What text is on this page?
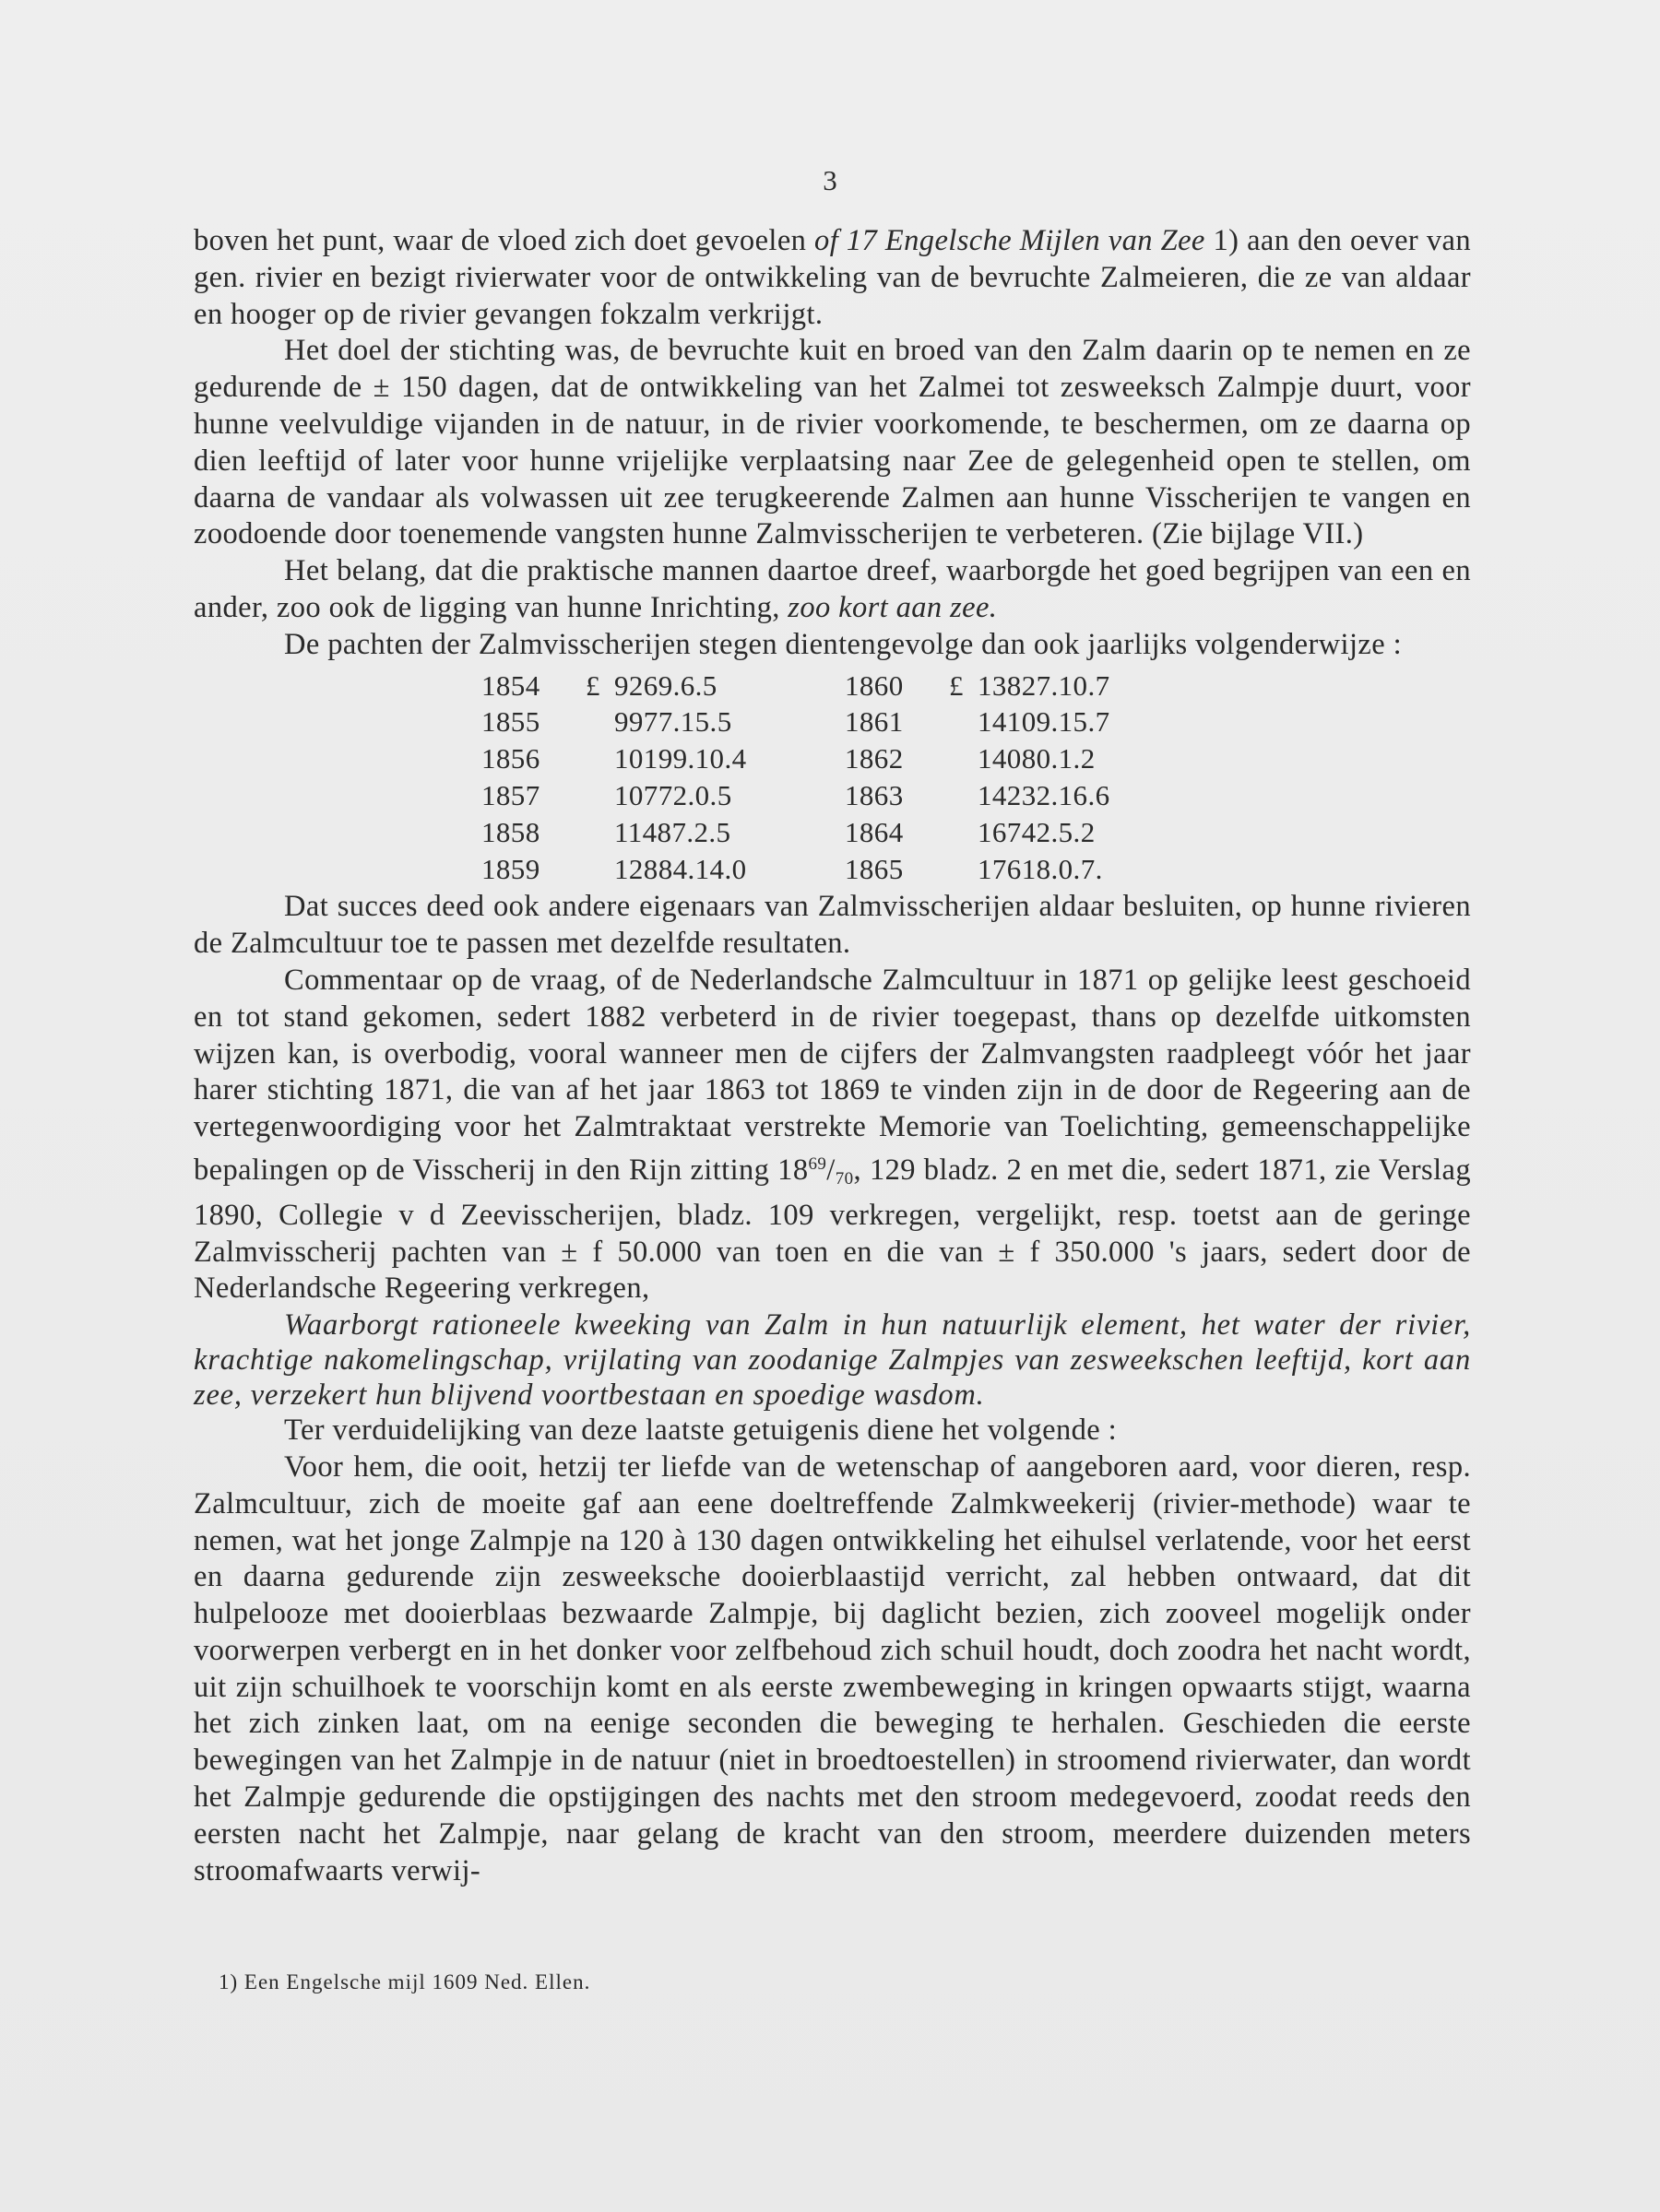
3

boven het punt, waar de vloed zich doet gevoelen of 17 Engelsche Mijlen van Zee 1) aan den oever van gen. rivier en bezigt rivierwater voor de ontwikkeling van de bevruchte Zalmeieren, die ze van aldaar en hooger op de rivier gevangen fokzalm verkrijgt.

Het doel der stichting was, de bevruchte kuit en broed van den Zalm daarin op te nemen en ze gedurende de ± 150 dagen, dat de ontwikkeling van het Zalmei tot zesweeksch Zalmpje duurt, voor hunne veelvuldige vijanden in de natuur, in de rivier voorkomende, te beschermen, om ze daarna op dien leeftijd of later voor hunne vrijelijke verplaatsing naar Zee de gelegenheid open te stellen, om daarna de vandaar als volwassen uit zee terugkeerende Zalmen aan hunne Visscherijen te vangen en zoodoende door toenemende vangsten hunne Zalmvisscherijen te verbeteren. (Zie bijlage VII.)

Het belang, dat die praktische mannen daartoe dreef, waarborgde het goed begrijpen van een en ander, zoo ook de ligging van hunne Inrichting, zoo kort aan zee.

De pachten der Zalmvisscherijen stegen dientengevolge dan ook jaarlijks volgenderwijze :

1854	£	9269.6.5	1860	£	13827.10.7
1855		9977.15.5	1861		14109.15.7
1856		10199.10.4	1862		14080.1.2
1857		10772.0.5	1863		14232.16.6
1858		11487.2.5	1864		16742.5.2
1859		12884.14.0	1865		17618.0.7.

Dat succes deed ook andere eigenaars van Zalmvisscherijen aldaar besluiten, op hunne rivieren de Zalmcultuur toe te passen met dezelfde resultaten.

Commentaar op de vraag, of de Nederlandsche Zalmcultuur in 1871 op gelijke leest geschoeid en tot stand gekomen, sedert 1882 verbeterd in de rivier toegepast, thans op dezelfde uitkomsten wijzen kan, is overbodig, vooral wanneer men de cijfers der Zalmvangsten raadpleegt vóór het jaar harer stichting 1871, die van af het jaar 1863 tot 1869 te vinden zijn in de door de Regeering aan de vertegenwoordiging voor het Zalmtraktaat verstrekte Memorie van Toelichting, gemeenschappelijke bepalingen op de Visscherij in den Rijn zitting $18^{69}/_{70}$, 129 bladz. 2 en met die, sedert 1871, zie Verslag 1890, Collegie v d Zeevisscherijen, bladz. 109 verkregen, vergelijkt, resp. toetst aan de geringe Zalmvisscherij pachten van ± f 50.000 van toen en die van ± f 350.000 's jaars, sedert door de Nederlandsche Regeering verkregen,

Waarborgt rationeele kweeking van Zalm in hun natuurlijk element, het water der rivier, krachtige nakomelingschap, vrijlating van zoodanige Zalmpjes van zesweekschen leeftijd, kort aan zee, verzekert hun blijvend voortbestaan en spoedige wasdom.

Ter verduidelijking van deze laatste getuigenis diene het volgende :

Voor hem, die ooit, hetzij ter liefde van de wetenschap of aangeboren aard, voor dieren, resp. Zalmcultuur, zich de moeite gaf aan eene doeltreffende Zalmkweekerij (rivier-methode) waar te nemen, wat het jonge Zalmpje na 120 à 130 dagen ontwikkeling het eihulsel verlatende, voor het eerst en daarna gedurende zijn zesweeksche dooierblaastijd verricht, zal hebben ontwaard, dat dit hulpelooze met dooierblaas bezwaarde Zalmpje, bij daglicht bezien, zich zooveel mogelijk onder voorwerpen verbergt en in het donker voor zelfbehoud zich schuil houdt, doch zoodra het nacht wordt, uit zijn schuilhoek te voorschijn komt en als eerste zwembeweging in kringen opwaarts stijgt, waarna het zich zinken laat, om na eenige seconden die beweging te herhalen. Geschieden die eerste bewegingen van het Zalmpje in de natuur (niet in broedtoestellen) in stroomend rivierwater, dan wordt het Zalmpje gedurende die opstijgingen des nachts met den stroom medegevoerd, zoodat reeds den eersten nacht het Zalmpje, naar gelang de kracht van den stroom, meerdere duizenden meters stroomafwaarts verwij-

1) Een Engelsche mijl 1609 Ned. Ellen.
